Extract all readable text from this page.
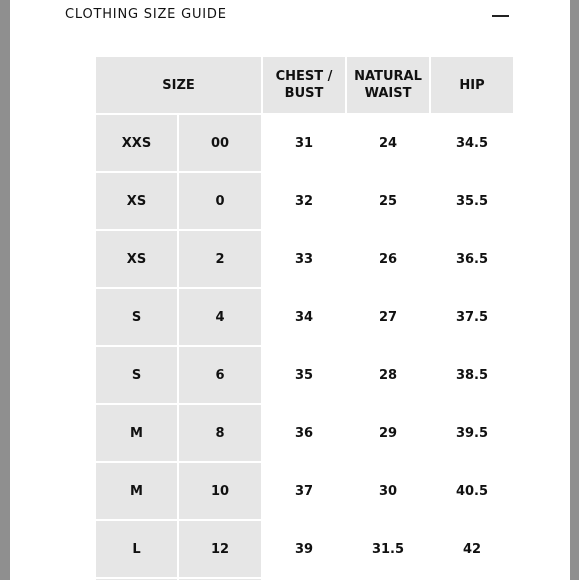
CLOTHING SIZE GUIDE
SIZE		CHEST / BUST	NATURAL WAIST	HIP
XXS	00	31	24	34.5
XS	0	32	25	35.5
XS	2	33	26	36.5
S	4	34	27	37.5
S	6	35	28	38.5
M	8	36	29	39.5
M	10	37	30	40.5
L	12	39	31.5	42
